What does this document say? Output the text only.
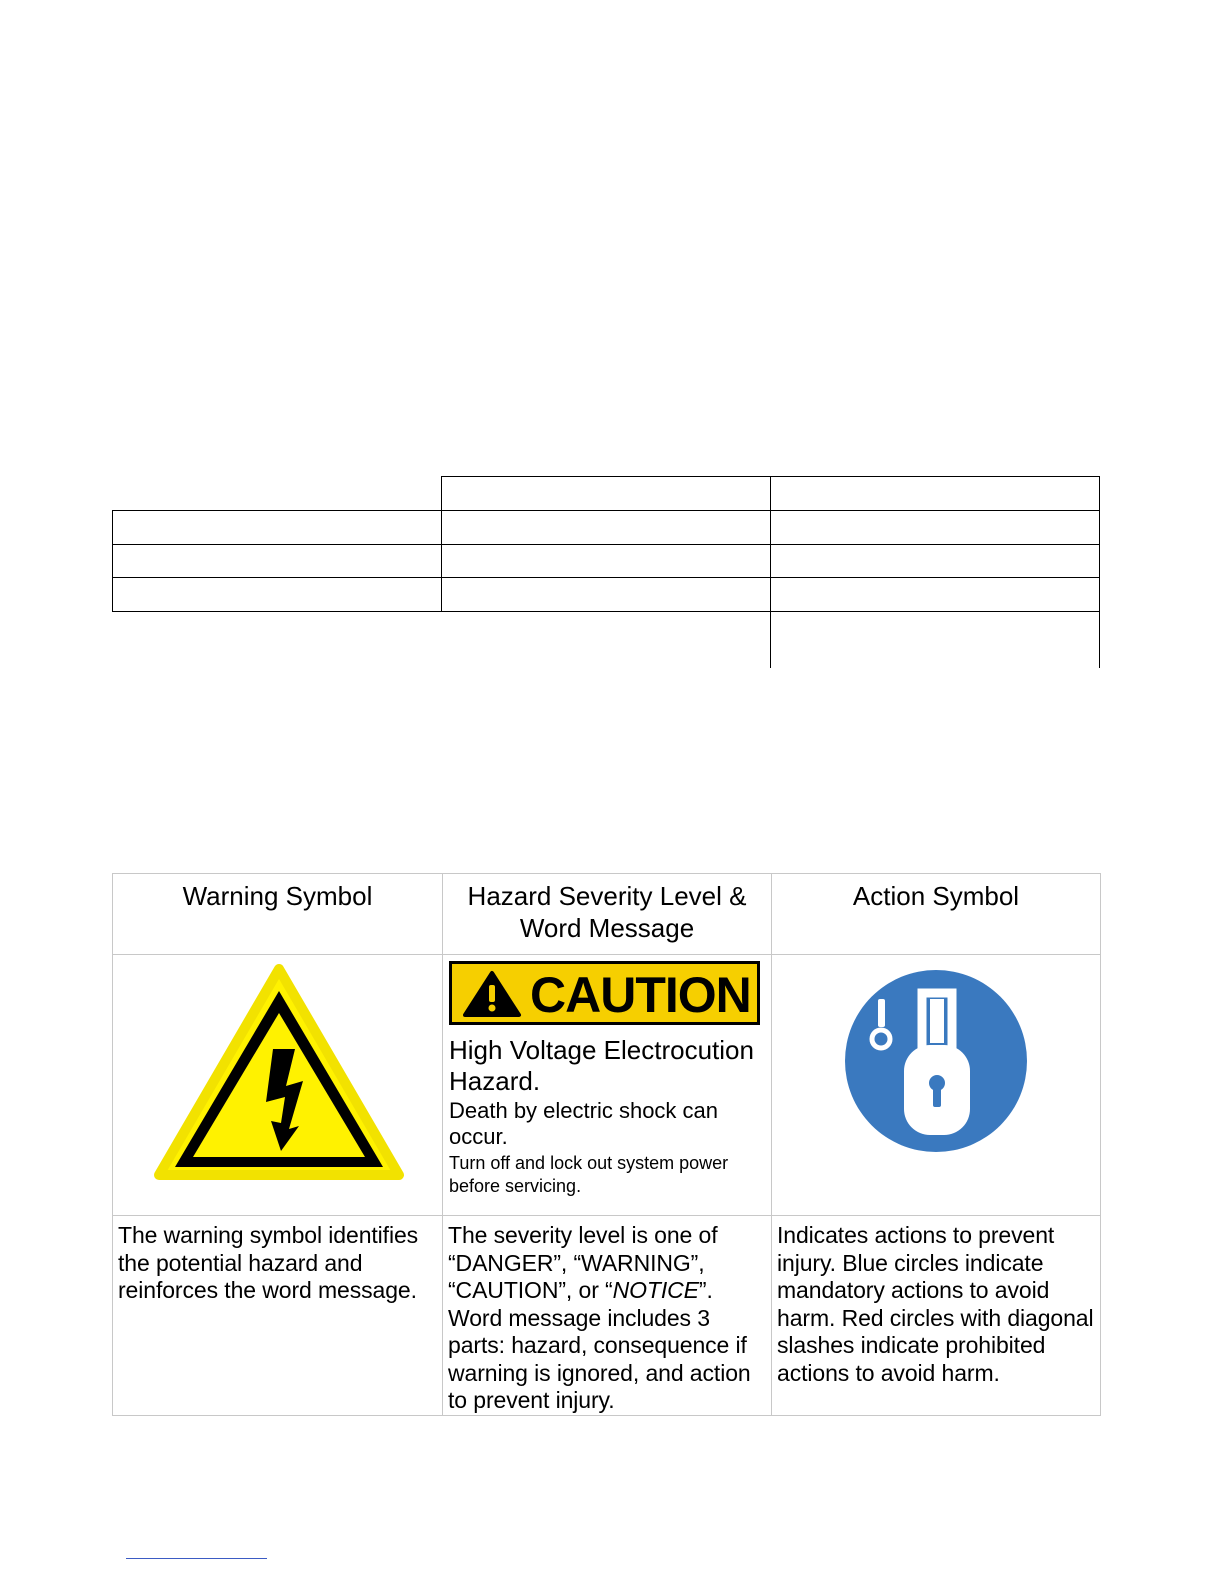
Warning Symbol	Hazard Severity Level & Word Message	Action Symbol

CAUTION
High Voltage Electrocution Hazard.
Death by electric shock can occur.
Turn off and lock out system power before servicing.

The warning symbol identifies the potential hazard and reinforces the word message.	The severity level is one of “DANGER”, “WARNING”, “CAUTION”, or “NOTICE”. Word message includes 3 parts: hazard, consequence if warning is ignored, and action to prevent injury.	Indicates actions to prevent injury. Blue circles indicate mandatory actions to avoid harm. Red circles with diagonal slashes indicate prohibited actions to avoid harm.
